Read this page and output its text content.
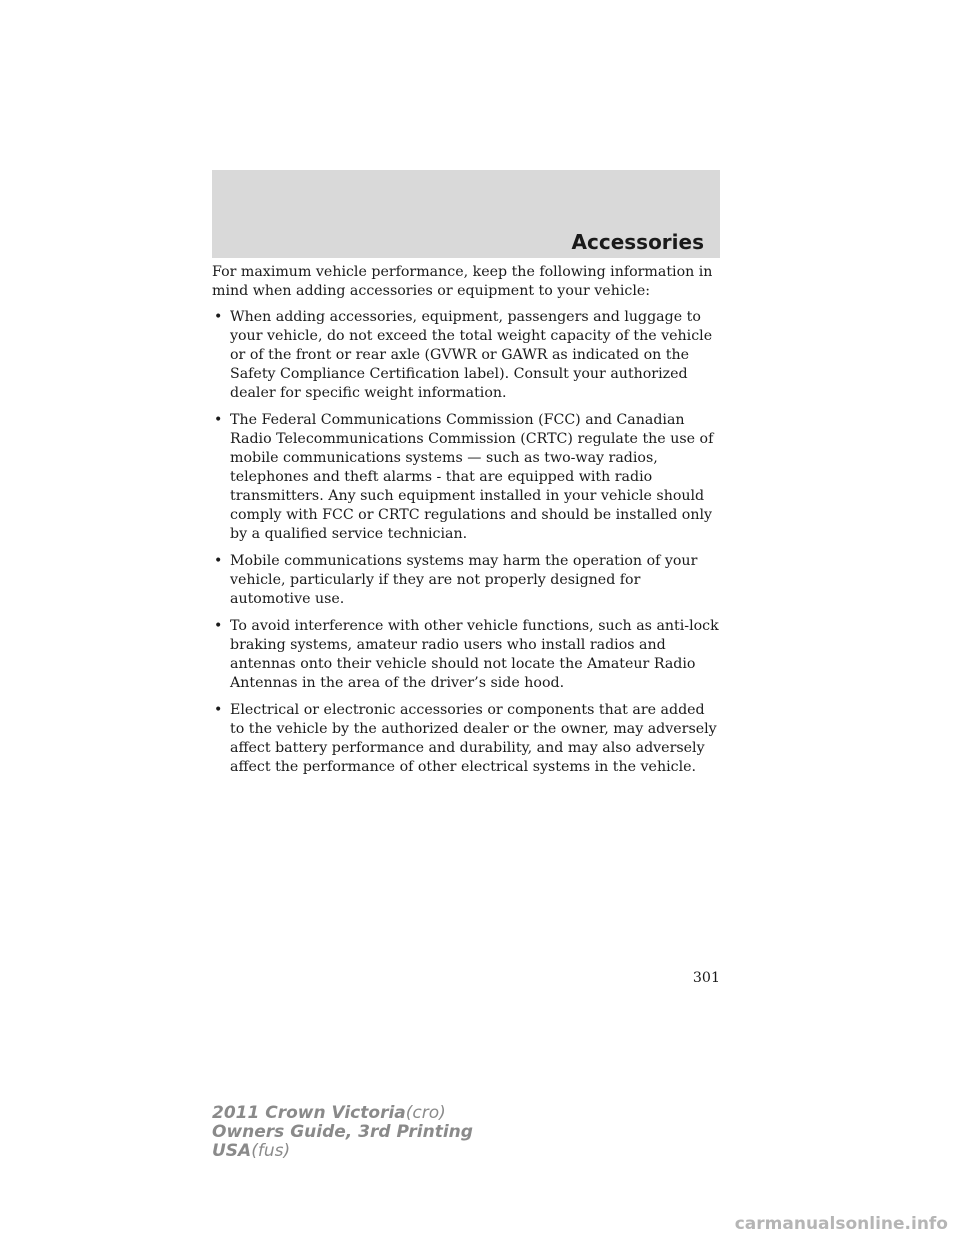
Accessories

For maximum vehicle performance, keep the following information in mind when adding accessories or equipment to your vehicle:

• When adding accessories, equipment, passengers and luggage to your vehicle, do not exceed the total weight capacity of the vehicle or of the front or rear axle (GVWR or GAWR as indicated on the Safety Compliance Certification label). Consult your authorized dealer for specific weight information.
• The Federal Communications Commission (FCC) and Canadian Radio Telecommunications Commission (CRTC) regulate the use of mobile communications systems — such as two-way radios, telephones and theft alarms - that are equipped with radio transmitters. Any such equipment installed in your vehicle should comply with FCC or CRTC regulations and should be installed only by a qualified service technician.
• Mobile communications systems may harm the operation of your vehicle, particularly if they are not properly designed for automotive use.
• To avoid interference with other vehicle functions, such as anti-lock braking systems, amateur radio users who install radios and antennas onto their vehicle should not locate the Amateur Radio Antennas in the area of the driver’s side hood.
• Electrical or electronic accessories or components that are added to the vehicle by the authorized dealer or the owner, may adversely affect battery performance and durability, and may also adversely affect the performance of other electrical systems in the vehicle.
301
2011 Crown Victoria(cro)
Owners Guide, 3rd Printing
USA(fus)
carmanualsonline.info
